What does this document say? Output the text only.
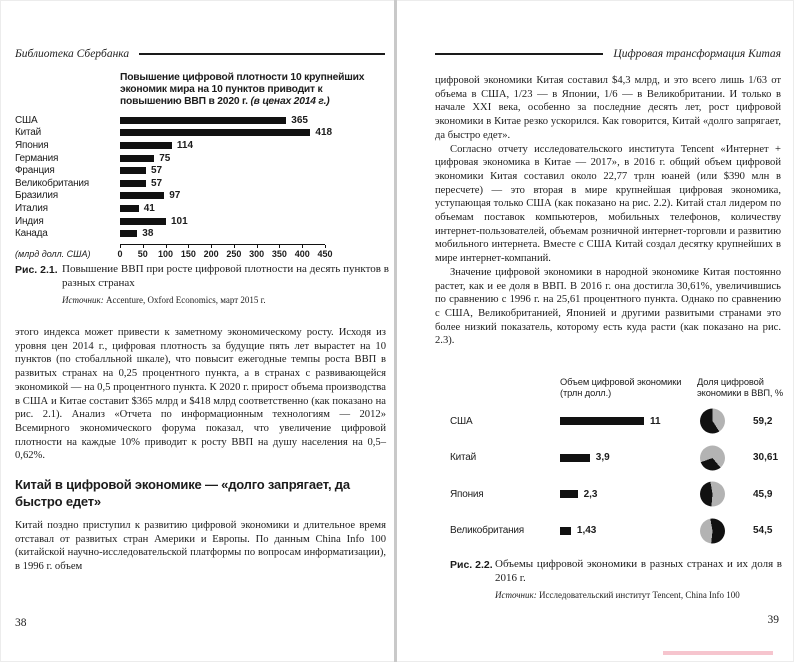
Библиотека Сбербанка
Повышение цифровой плотности 10 крупнейших экономик мира на 10 пунктов приводит к повышению ВВП в 2020 г. (в ценах 2014 г.)
США	365
Китай	418
Япония	114
Германия	75
Франция	57
Великобритания	57
Бразилия	97
Италия	41
Индия	101
Канада	38
(млрд долл. США)	0 50 100 150 200 250 300 350 400 450
Рис. 2.1. Повышение ВВП при росте цифровой плотности на десять пунктов в разных странах
Источник: Accenture, Oxford Economics, март 2015 г.

этого индекса может привести к заметному экономическому росту. Исходя из уровня цен 2014 г., цифровая плотность за будущие пять лет вырастет на 10 пунктов (по стобалльной шкале), что повысит ежегодные темпы роста ВВП в развитых странах на 0,25 процентного пункта, а в странах с развивающейся экономикой — на 0,5 процентного пункта. К 2020 г. прирост объема производства в США и Китае составит $365 млрд и $418 млрд соответственно (как показано на рис. 2.1). Анализ «Отчета по информационным технологиям — 2012» Всемирного экономического форума показал, что увеличение цифровой плотности на каждые 10% приводит к росту ВВП на душу населения на 0,5–0,62%.

Китай в цифровой экономике — «долго запрягает, да быстро едет»

Китай поздно приступил к развитию цифровой экономики и длительное время отставал от развитых стран Америки и Европы. По данным China Info 100 (китайской научно-исследовательской платформы по вопросам информатизации), в 1996 г. объем

38
Цифровая трансформация Китая

цифровой экономики Китая составил $4,3 млрд, и это всего лишь 1/63 от объема в США, 1/23 — в Японии, 1/6 — в Великобритании. И только в начале XXI века, особенно за последние десять лет, рост цифровой экономики в Китае резко ускорился. Как говорится, Китай «долго запрягает, да быстро едет».

Согласно отчету исследовательского института Tencent «Интернет + цифровая экономика в Китае — 2017», в 2016 г. общий объем цифровой экономики Китая составил около 22,77 трлн юаней (или $390 млн в пересчете) — это вторая в мире крупнейшая цифровая экономика, уступающая только США (как показано на рис. 2.2). Китай стал лидером по объемам поставок компьютеров, мобильных телефонов, количеству интернет-пользователей, объемам розничной интернет-торговли и развитию мобильного интернета. Вместе с США Китай создал десятку крупнейших в мире интернет-компаний.

Значение цифровой экономики в народной экономике Китая постоянно растет, как и ее доля в ВВП. В 2016 г. она достигла 30,61%, увеличившись по сравнению с 1996 г. на 25,61 процентного пункта. Однако по сравнению с США, Великобританией, Японией и другими развитыми странами это более низкий показатель, которому есть куда расти (как показано на рис. 2.3).

Объем цифровой экономики (трлн долл.)
Доля цифровой экономики в ВВП, %
США	11	59,2
Китай	3,9	30,61
Япония	2,3	45,9
Великобритания	1,43	54,5
Рис. 2.2. Объемы цифровой экономики в разных странах и их доля в 2016 г.
Источник: Исследовательский институт Tencent, China Info 100
39
